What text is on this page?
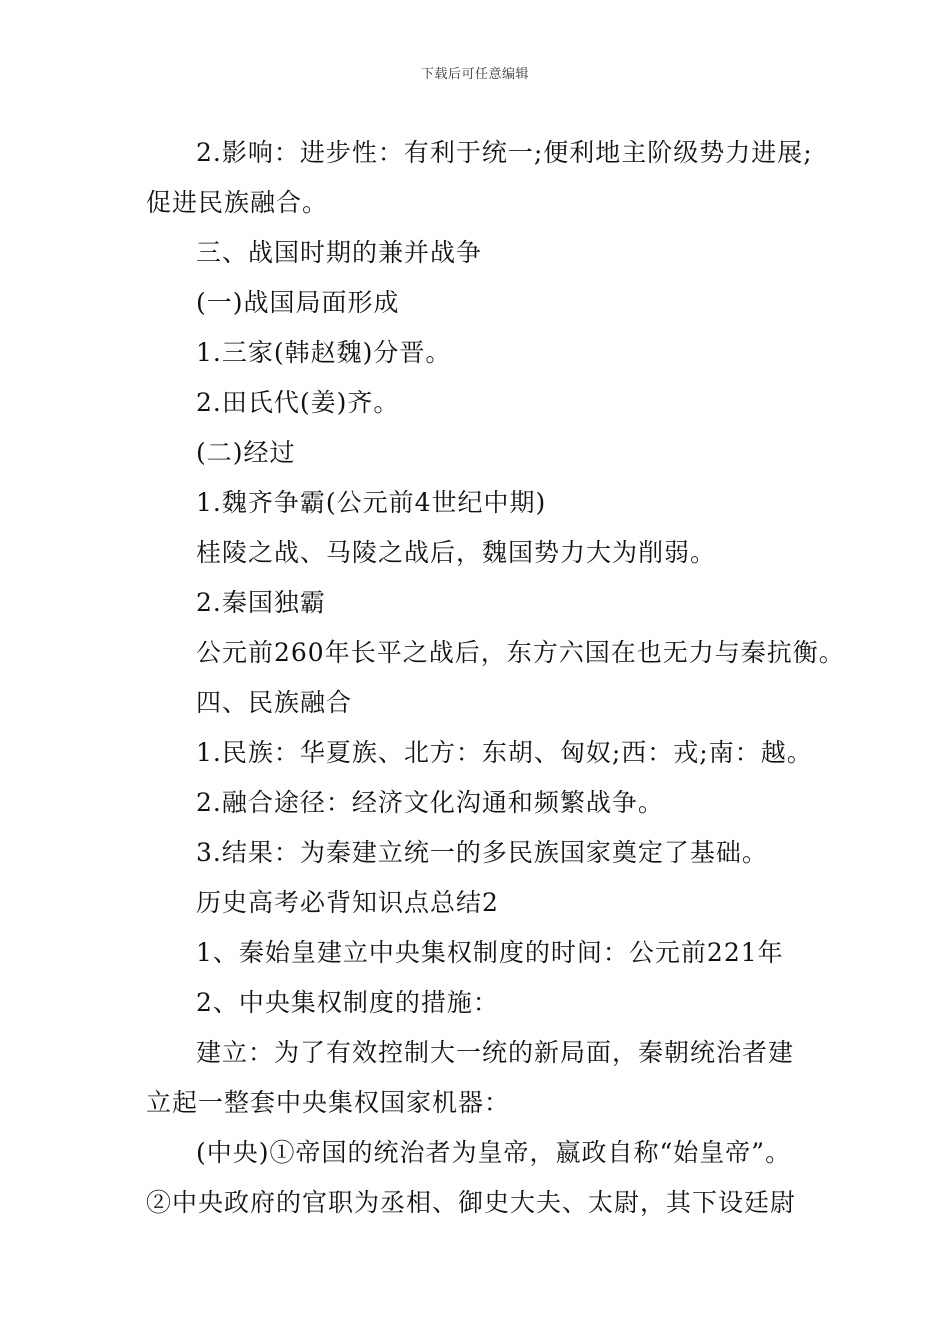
下载后可任意编辑
2.影响：进步性：有利于统一;便利地主阶级势力进展;
促进民族融合。
三、战国时期的兼并战争
(一)战国局面形成
1.三家(韩赵魏)分晋。
2.田氏代(姜)齐。
(二)经过
1.魏齐争霸(公元前4世纪中期)
桂陵之战、马陵之战后，魏国势力大为削弱。
2.秦国独霸
公元前260年长平之战后，东方六国在也无力与秦抗衡。
四、民族融合
1.民族：华夏族、北方：东胡、匈奴;西：戎;南：越。
2.融合途径：经济文化沟通和频繁战争。
3.结果：为秦建立统一的多民族国家奠定了基础。
历史高考必背知识点总结2
1、秦始皇建立中央集权制度的时间：公元前221年
2、中央集权制度的措施：
建立：为了有效控制大一统的新局面，秦朝统治者建
立起一整套中央集权国家机器：
(中央)①帝国的统治者为皇帝，嬴政自称“始皇帝”。
②中央政府的官职为丞相、御史大夫、太尉，其下设廷尉
